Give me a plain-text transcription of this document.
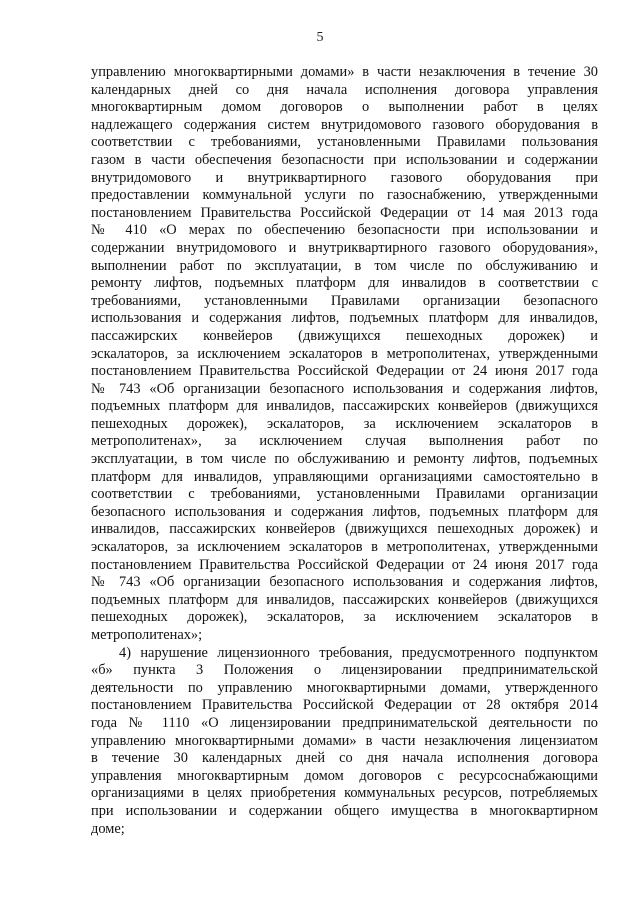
5
управлению многоквартирными домами» в части незаключения в течение 30
календарных дней со дня начала исполнения договора управления
многоквартирным домом договоров о выполнении работ в целях
надлежащего содержания систем внутридомового газового оборудования в
соответствии с требованиями, установленными Правилами пользования
газом в части обеспечения безопасности при использовании и содержании
внутридомового и внутриквартирного газового оборудования при
предоставлении коммунальной услуги по газоснабжению, утвержденными
постановлением Правительства Российской Федерации от 14 мая 2013 года
№ 410 «О мерах по обеспечению безопасности при использовании и
содержании внутридомового и внутриквартирного газового оборудования»,
выполнении работ по эксплуатации, в том числе по обслуживанию и
ремонту лифтов, подъемных платформ для инвалидов в соответствии с
требованиями, установленными Правилами организации безопасного
использования и содержания лифтов, подъемных платформ для инвалидов,
пассажирских конвейеров (движущихся пешеходных дорожек) и
эскалаторов, за исключением эскалаторов в метрополитенах, утвержденными
постановлением Правительства Российской Федерации от 24 июня 2017 года
№ 743 «Об организации безопасного использования и содержания лифтов,
подъемных платформ для инвалидов, пассажирских конвейеров (движущихся
пешеходных дорожек), эскалаторов, за исключением эскалаторов в
метрополитенах», за исключением случая выполнения работ по
эксплуатации, в том числе по обслуживанию и ремонту лифтов, подъемных
платформ для инвалидов, управляющими организациями самостоятельно в
соответствии с требованиями, установленными Правилами организации
безопасного использования и содержания лифтов, подъемных платформ для
инвалидов, пассажирских конвейеров (движущихся пешеходных дорожек) и
эскалаторов, за исключением эскалаторов в метрополитенах, утвержденными
постановлением Правительства Российской Федерации от 24 июня 2017 года
№ 743 «Об организации безопасного использования и содержания лифтов,
подъемных платформ для инвалидов, пассажирских конвейеров (движущихся
пешеходных дорожек), эскалаторов, за исключением эскалаторов в
метрополитенах»;
4) нарушение лицензионного требования, предусмотренного подпунктом
«б» пункта 3 Положения о лицензировании предпринимательской
деятельности по управлению многоквартирными домами, утвержденного
постановлением Правительства Российской Федерации от 28 октября 2014
года № 1110 «О лицензировании предпринимательской деятельности по
управлению многоквартирными домами» в части незаключения лицензиатом
в течение 30 календарных дней со дня начала исполнения договора
управления многоквартирным домом договоров с ресурсоснабжающими
организациями в целях приобретения коммунальных ресурсов, потребляемых
при использовании и содержании общего имущества в многоквартирном
доме;
